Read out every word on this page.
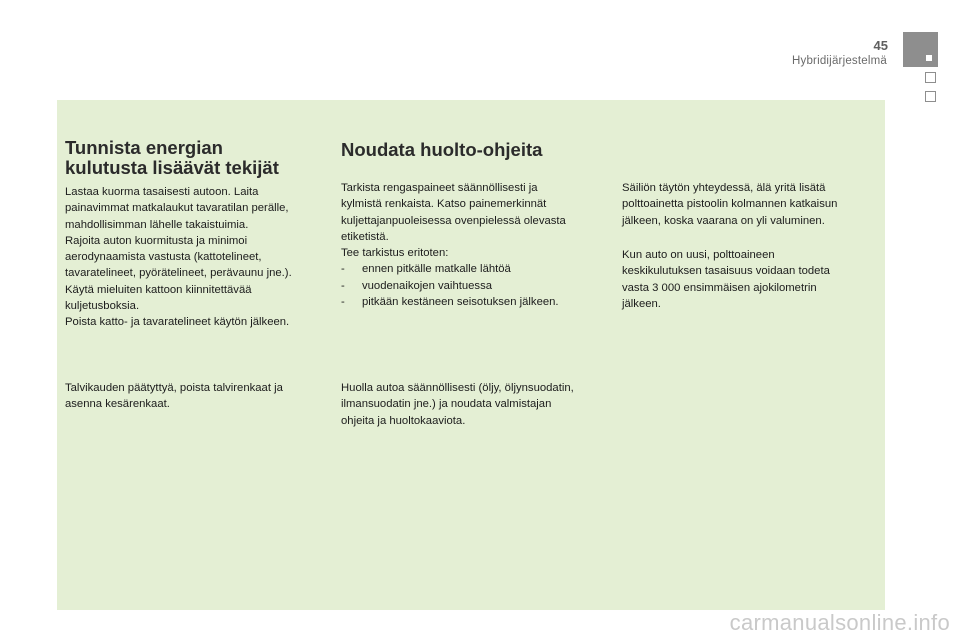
45
Hybridijärjestelmä
Tunnista energian
kulutusta lisäävät tekijät

Lastaa kuorma tasaisesti autoon. Laita

painavimmat matkalaukut tavaratilan perälle,

mahdollisimman lähelle takaistuimia.

Rajoita auton kuormitusta ja minimoi

aerodynaamista vastusta (kattotelineet,

tavaratelineet, pyörätelineet, perävaunu jne.).

Käytä mieluiten kattoon kiinnitettävää

kuljetusboksia.

Poista katto- ja tavaratelineet käytön jälkeen.

Talvikauden päätyttyä, poista talvirenkaat ja

asenna kesärenkaat.

Noudata huolto-ohjeita

Tarkista rengaspaineet säännöllisesti ja

kylmistä renkaista. Katso painemerkinnät

kuljettajanpuoleisessa ovenpielessä olevasta

etiketistä.

Tee tarkistus eritoten:

- ennen pitkälle matkalle lähtöä
- vuodenaikojen vaihtuessa
- pitkään kestäneen seisotuksen jälkeen.

Huolla autoa säännöllisesti (öljy, öljynsuodatin,

ilmansuodatin jne.) ja noudata valmistajan

ohjeita ja huoltokaaviota.

Säiliön täytön yhteydessä, älä yritä lisätä

polttoainetta pistoolin kolmannen katkaisun

jälkeen, koska vaarana on yli valuminen.

Kun auto on uusi, polttoaineen

keskikulutuksen tasaisuus voidaan todeta

vasta 3 000 ensimmäisen ajokilometrin

jälkeen.

carmanualsonline.info
